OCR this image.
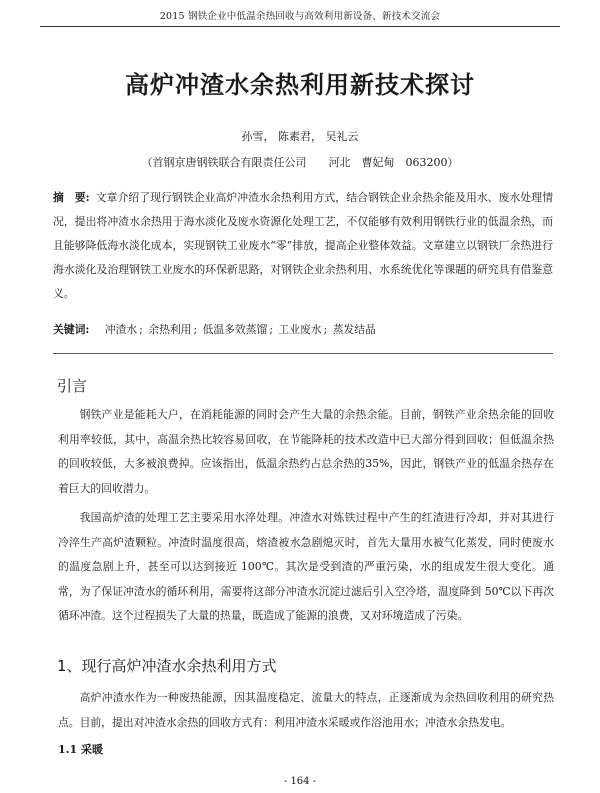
2015 钢铁企业中低温余热回收与高效利用新设备、新技术交流会
高炉冲渣水余热利用新技术探讨
孙雪， 陈素君， 吴礼云
（首钢京唐钢铁联合有限责任公司　　河北　曹妃甸　063200）
摘　要: 文章介绍了现行钢铁企业高炉冲渣水余热利用方式，结合钢铁企业余热余能及用水、废水处理情况，提出将冲渣水余热用于海水淡化及废水资源化处理工艺，不仅能够有效利用钢铁行业的低温余热，而且能够降低海水淡化成本，实现钢铁工业废水“零”排放，提高企业整体效益。文章建立以钢铁厂余热进行海水淡化及治理钢铁工业废水的环保新思路，对钢铁企业余热利用、水系统优化等课题的研究具有借鉴意义。
关键词: 冲渣水 ; 余热利用 ; 低温多效蒸馏 ; 工业废水 ; 蒸发结晶
引言
钢铁产业是能耗大户，在消耗能源的同时会产生大量的余热余能。目前，钢铁产业余热余能的回收利用率较低，其中，高温余热比较容易回收，在节能降耗的技术改造中已大部分得到回收；但低温余热的回收较低，大多被浪费掉。应该指出，低温余热约占总余热的35%，因此，钢铁产业的低温余热存在着巨大的回收潜力。
我国高炉渣的处理工艺主要采用水淬处理。冲渣水对炼铁过程中产生的红渣进行冷却，并对其进行冷淬生产高炉渣颗粒。冲渣时温度很高，熔渣被水急剧熄灭时，首先大量用水被气化蒸发，同时使废水的温度急剧上升，甚至可以达到接近 100℃。其次是受到渣的严重污染，水的组成发生很大变化。通常，为了保证冲渣水的循环利用，需要将这部分冲渣水沉淀过滤后引入空冷塔，温度降到 50℃以下再次循环冲渣。这个过程损失了大量的热量，既造成了能源的浪费，又对环境造成了污染。
1、现行高炉冲渣水余热利用方式
高炉冲渣水作为一种废热能源，因其温度稳定、流量大的特点，正逐渐成为余热回收利用的研究热点。目前，提出对冲渣水余热的回收方式有：利用冲渣水采暖或作浴池用水；冲渣水余热发电。
1.1 采暖
- 164 -
